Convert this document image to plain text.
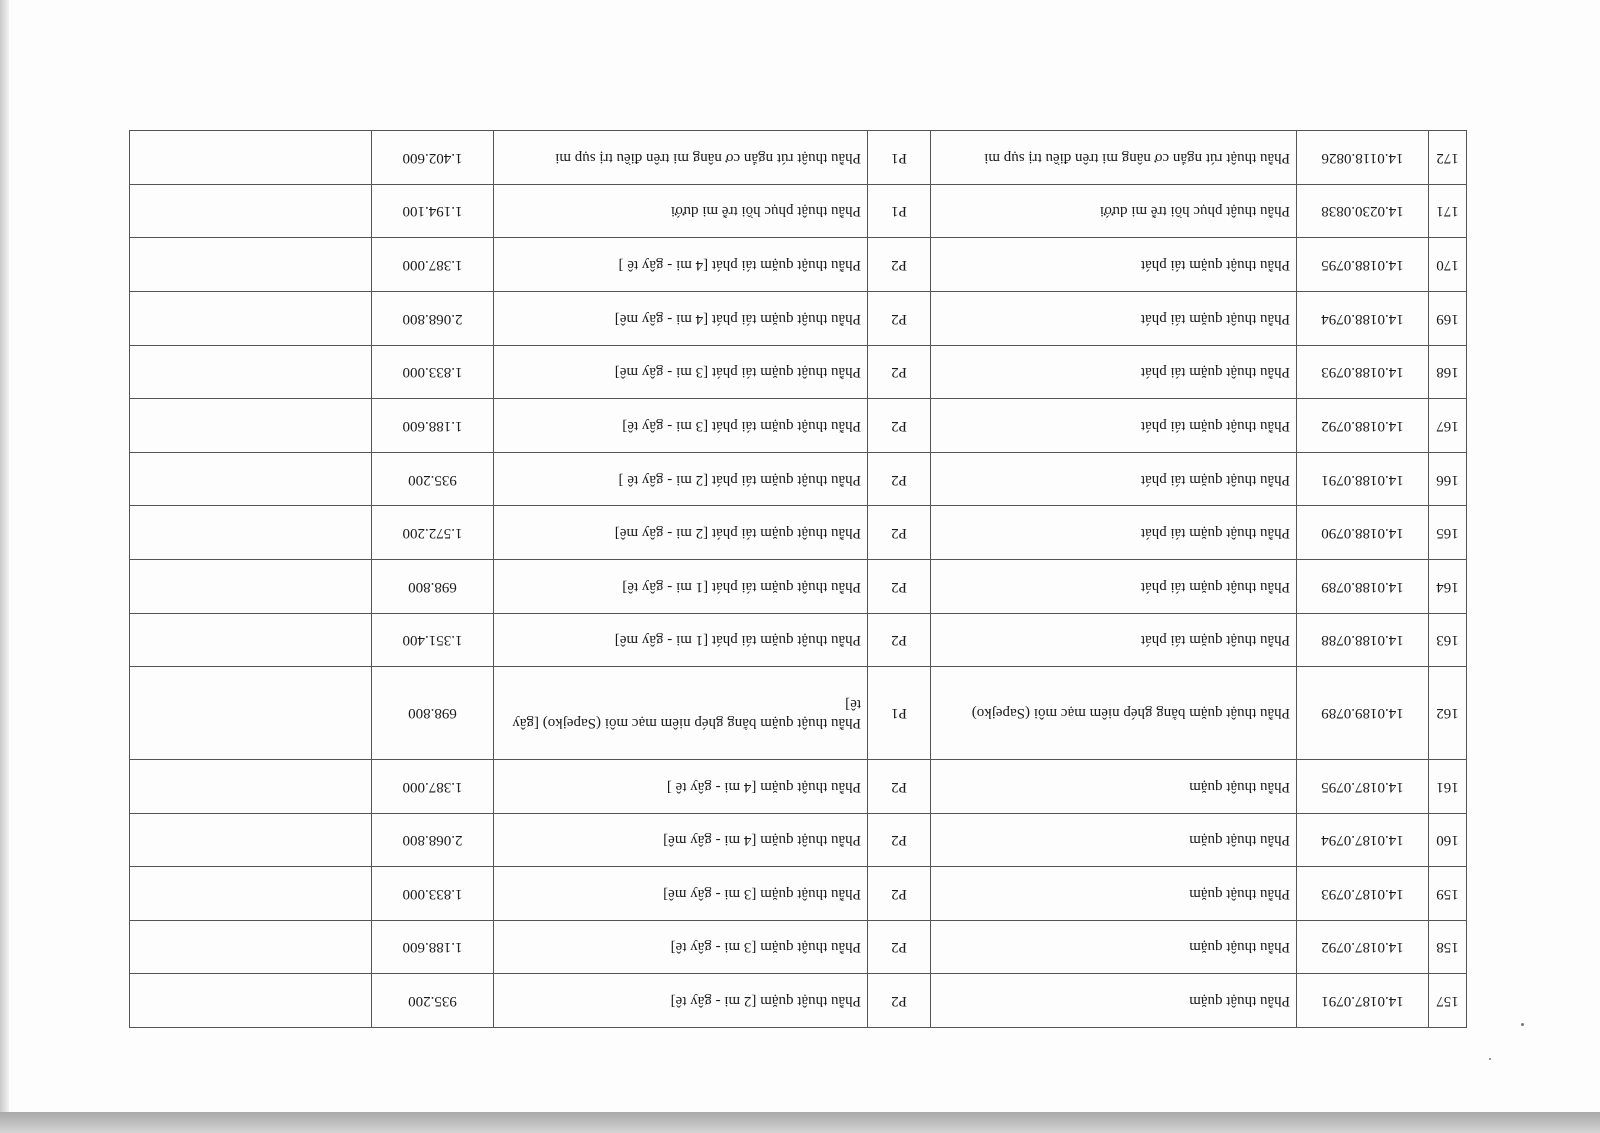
157	14.0187.0791	Phẫu thuật quặm	P2	Phẫu thuật quặm [2 mi - gây tê]	935.200	
158	14.0187.0792	Phẫu thuật quặm	P2	Phẫu thuật quặm [3 mi - gây tê]	1.188.600	
159	14.0187.0793	Phẫu thuật quặm	P2	Phẫu thuật quặm [3 mi - gây mê]	1.833.000	
160	14.0187.0794	Phẫu thuật quặm	P2	Phẫu thuật quặm [4 mi - gây mê]	2.068.800	
161	14.0187.0795	Phẫu thuật quặm	P2	Phẫu thuật quặm [4 mi - gây tê ]	1.387.000	
162	14.0189.0789	Phẫu thuật quặm bằng ghép niêm mạc môi (Sapejko)	P1	Phẫu thuật quặm bằng ghép niêm mạc môi (Sapejko) [gây tê]	698.800	
163	14.0188.0788	Phẫu thuật quặm tái phát	P2	Phẫu thuật quặm tái phát [1 mi - gây mê]	1.351.400	
164	14.0188.0789	Phẫu thuật quặm tái phát	P2	Phẫu thuật quặm tái phát [1 mi - gây tê]	698.800	
165	14.0188.0790	Phẫu thuật quặm tái phát	P2	Phẫu thuật quặm tái phát [2 mi - gây mê]	1.572.200	
166	14.0188.0791	Phẫu thuật quặm tái phát	P2	Phẫu thuật quặm tái phát [2 mi - gây tê ]	935.200	
167	14.0188.0792	Phẫu thuật quặm tái phát	P2	Phẫu thuật quặm tái phát [3 mi - gây tê]	1.188.600	
168	14.0188.0793	Phẫu thuật quặm tái phát	P2	Phẫu thuật quặm tái phát [3 mi - gây mê]	1.833.000	
169	14.0188.0794	Phẫu thuật quặm tái phát	P2	Phẫu thuật quặm tái phát [4 mi - gây mê]	2.068.800	
170	14.0188.0795	Phẫu thuật quặm tái phát	P2	Phẫu thuật quặm tái phát [4 mi - gây tê ]	1.387.000	
171	14.0230.0838	Phẫu thuật phục hồi trễ mi dưới	P1	Phẫu thuật phục hồi trễ mi dưới	1.194.100	
172	14.0118.0826	Phẫu thuật rút ngắn cơ nâng mi trên điều trị sụp mi	P1	Phẫu thuật rút ngắn cơ nâng mi trên điều trị sụp mi	1.402.600	
